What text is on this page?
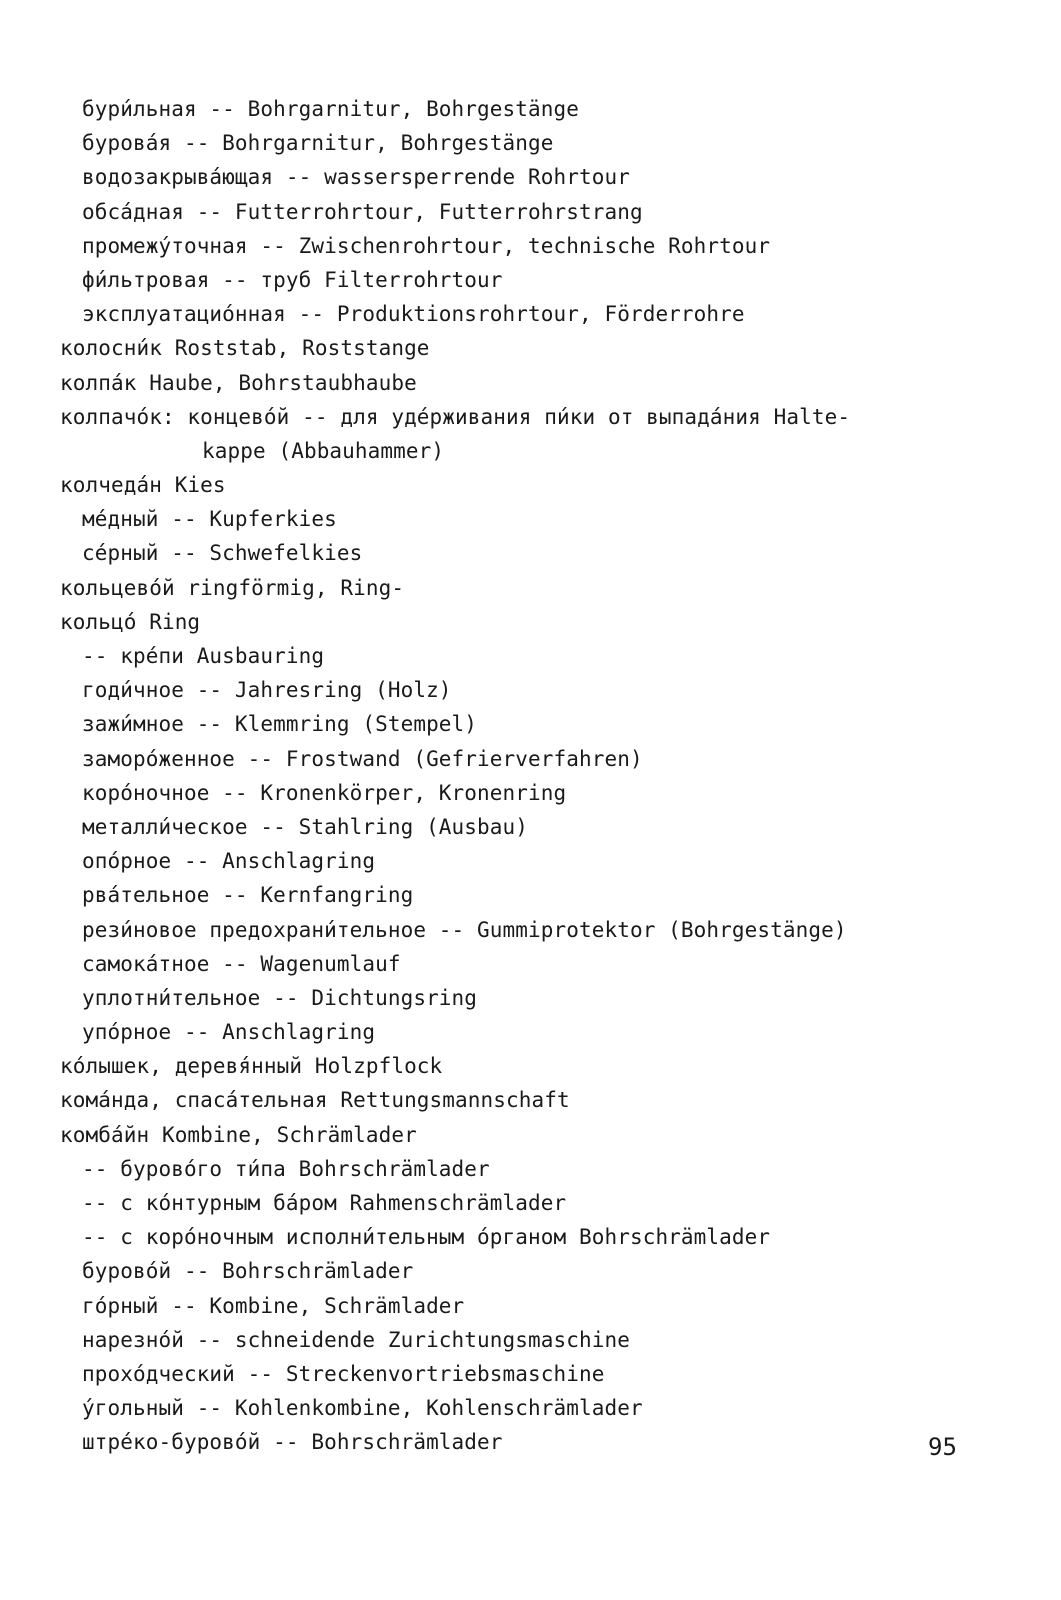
бури́льная -- Bohrgarnitur, Bohrgestänge
бурова́я -- Bohrgarnitur, Bohrgestänge
водозакрыва́ющая -- wassersperrende Rohrtour
обса́дная -- Futterrohrtour, Futterrohrstrang
промежу́точная -- Zwischenrohrtour, technische Rohrtour
фи́льтровая -- труб Filterrohrtour
эксплуатацио́нная -- Produktionsrohrtour, Förderrohre
колосни́к Roststab, Roststange
колпа́к Haube, Bohrstaubhaube
колпачо́к: концево́й -- для уде́рживания пи́ки от выпада́ния Halte-
kappe (Abbauhammer)
колчеда́н Kies
ме́дный -- Kupferkies
се́рный -- Schwefelkies
кольцево́й ringförmig, Ring-
кольцо́ Ring
-- кре́пи Ausbauring
годи́чное -- Jahresring (Holz)
зажи́мное -- Klemmring (Stempel)
заморо́женное -- Frostwand (Gefrierverfahren)
коро́ночное -- Kronenkörper, Kronenring
металли́ческое -- Stahlring (Ausbau)
опо́рное -- Anschlagring
рва́тельное -- Kernfangring
рези́новое предохрани́тельное -- Gummiprotektor (Bohrgestänge)
самока́тное -- Wagenumlauf
уплотни́тельное -- Dichtungsring
упо́рное -- Anschlagring
ко́лышек, деревя́нный Holzpflock
кома́нда, спаса́тельная Rettungsmannschaft
комба́йн Kombine, Schrämlader
-- бурово́го ти́па Bohrschrämlader
-- с ко́нтурным ба́ром Rahmenschrämlader
-- с коро́ночным исполни́тельным о́рганом Bohrschrämlader
бурово́й -- Bohrschrämlader
го́рный -- Kombine, Schrämlader
нарезно́й -- schneidende Zurichtungsmaschine
прохо́дческий -- Streckenvortriebsmaschine
у́гольный -- Kohlenkombine, Kohlenschrämlader
штре́ко-бурово́й -- Bohrschrämlader	95
